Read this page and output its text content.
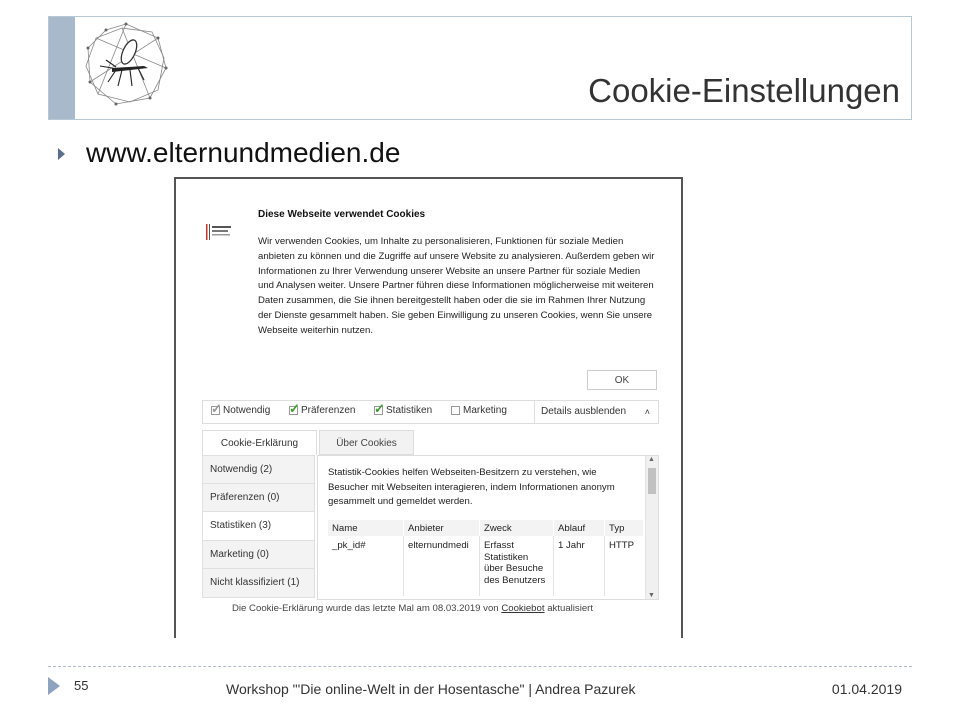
Cookie-Einstellungen
www.elternundmedien.de
Diese Webseite verwendet Cookies
Wir verwenden Cookies, um Inhalte zu personalisieren, Funktionen für soziale Medien anbieten zu können und die Zugriffe auf unsere Website zu analysieren. Außerdem geben wir Informationen zu Ihrer Verwendung unserer Website an unsere Partner für soziale Medien und Analysen weiter. Unsere Partner führen diese Informationen möglicherweise mit weiteren Daten zusammen, die Sie ihnen bereitgestellt haben oder die sie im Rahmen Ihrer Nutzung der Dienste gesammelt haben. Sie geben Einwilligung zu unseren Cookies, wenn Sie unsere Webseite weiterhin nutzen.
OK
✓ Notwendig ✓ Präferenzen ✓ Statistiken	Marketing	Details ausblenden ˄
Cookie-Erklärung	Über Cookies
Notwendig (2)
Präferenzen (0)
Statistiken (3)
Marketing (0)
Nicht klassifiziert (1)
Statistik-Cookies helfen Webseiten-Besitzern zu verstehen, wie Besucher mit Webseiten interagieren, indem Informationen anonym gesammelt und gemeldet werden.
Name	Anbieter	Zweck	Ablauf	Typ
_pk_id#	elternundmedi	Erfasst Statistiken über Besuche des Benutzers	1 Jahr	HTTP
▲
▼
Die Cookie-Erklärung wurde das letzte Mal am 08.03.2019 von Cookiebot aktualisiert
55	Workshop "'Die online-Welt in der Hosentasche" | Andrea Pazurek	01.04.2019
